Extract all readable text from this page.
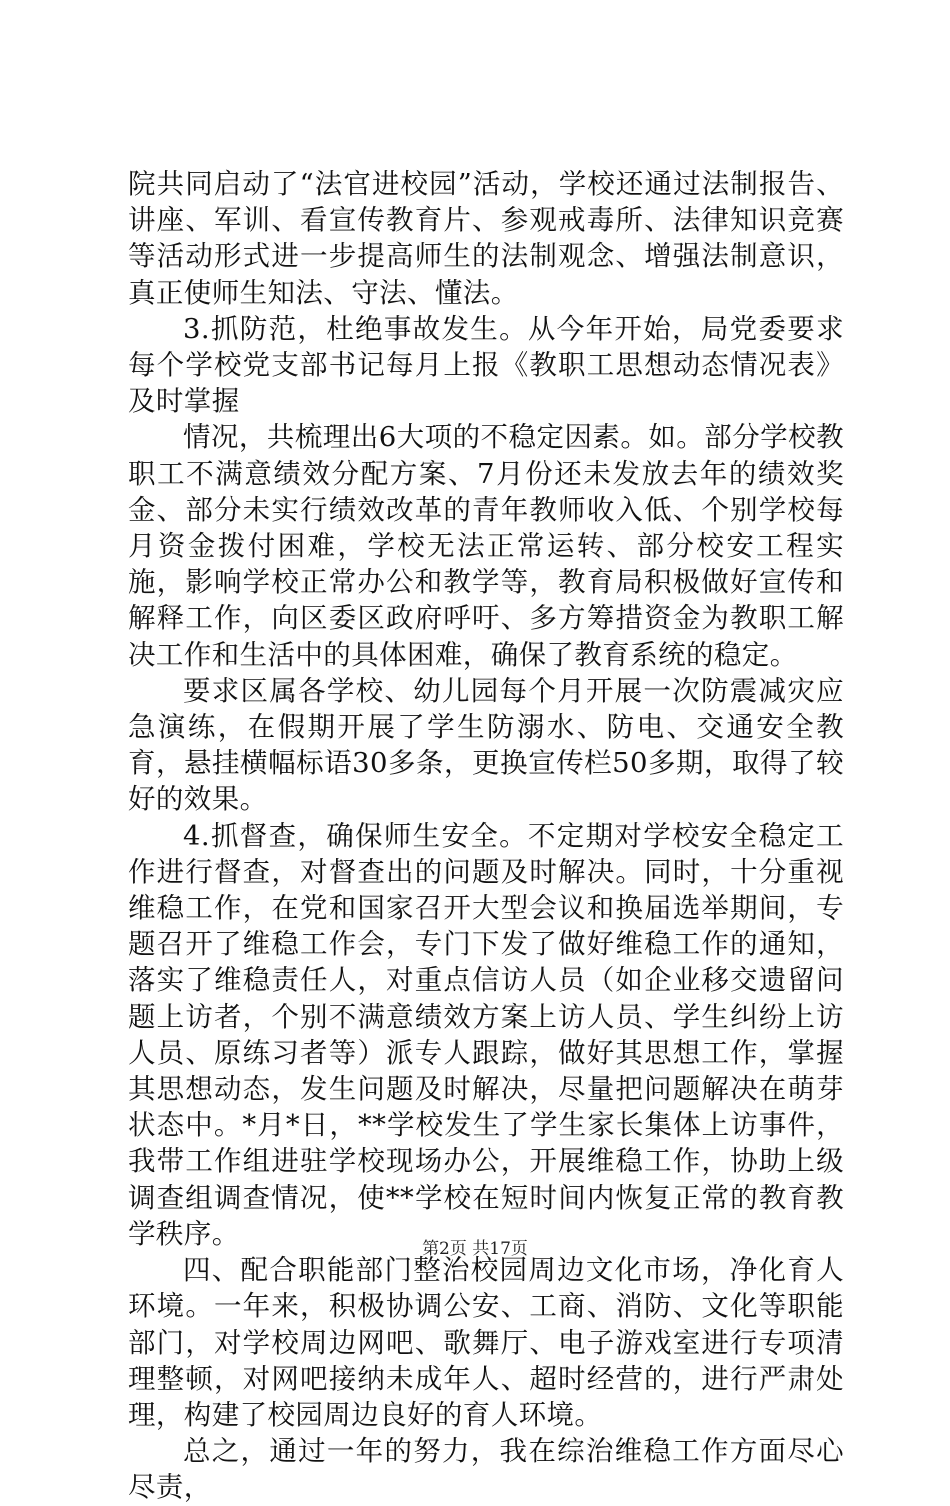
院共同启动了“法官进校园”活动，学校还通过法制报告、讲座、军训、看宣传教育片、参观戒毒所、法律知识竞赛等活动形式进一步提高师生的法制观念、增强法制意识，真正使师生知法、守法、懂法。

3.抓防范，杜绝事故发生。从今年开始，局党委要求每个学校党支部书记每月上报《教职工思想动态情况表》及时掌握

情况，共梳理出6大项的不稳定因素。如。部分学校教职工不满意绩效分配方案、7月份还未发放去年的绩效奖金、部分未实行绩效改革的青年教师收入低、个别学校每月资金拨付困难，学校无法正常运转、部分校安工程实施，影响学校正常办公和教学等，教育局积极做好宣传和解释工作，向区委区政府呼吁、多方筹措资金为教职工解决工作和生活中的具体困难，确保了教育系统的稳定。

要求区属各学校、幼儿园每个月开展一次防震减灾应急演练，在假期开展了学生防溺水、防电、交通安全教育，悬挂横幅标语30多条，更换宣传栏50多期，取得了较好的效果。

4.抓督查，确保师生安全。不定期对学校安全稳定工作进行督查，对督查出的问题及时解决。同时，十分重视维稳工作，在党和国家召开大型会议和换届选举期间，专题召开了维稳工作会，专门下发了做好维稳工作的通知，落实了维稳责任人，对重点信访人员（如企业移交遗留问题上访者，个别不满意绩效方案上访人员、学生纠纷上访人员、原练习者等）派专人跟踪，做好其思想工作，掌握其思想动态，发生问题及时解决，尽量把问题解决在萌芽状态中。*月*日，**学校发生了学生家长集体上访事件，我带工作组进驻学校现场办公，开展维稳工作，协助上级调查组调查情况，使**学校在短时间内恢复正常的教育教学秩序。

四、配合职能部门整治校园周边文化市场，净化育人环境。一年来，积极协调公安、工商、消防、文化等职能部门，对学校周边网吧、歌舞厅、电子游戏室进行专项清理整顿，对网吧接纳未成年人、超时经营的，进行严肃处理，构建了校园周边良好的育人环境。

总之，通过一年的努力，我在综治维稳工作方面尽心尽责，

第2页 共17页
